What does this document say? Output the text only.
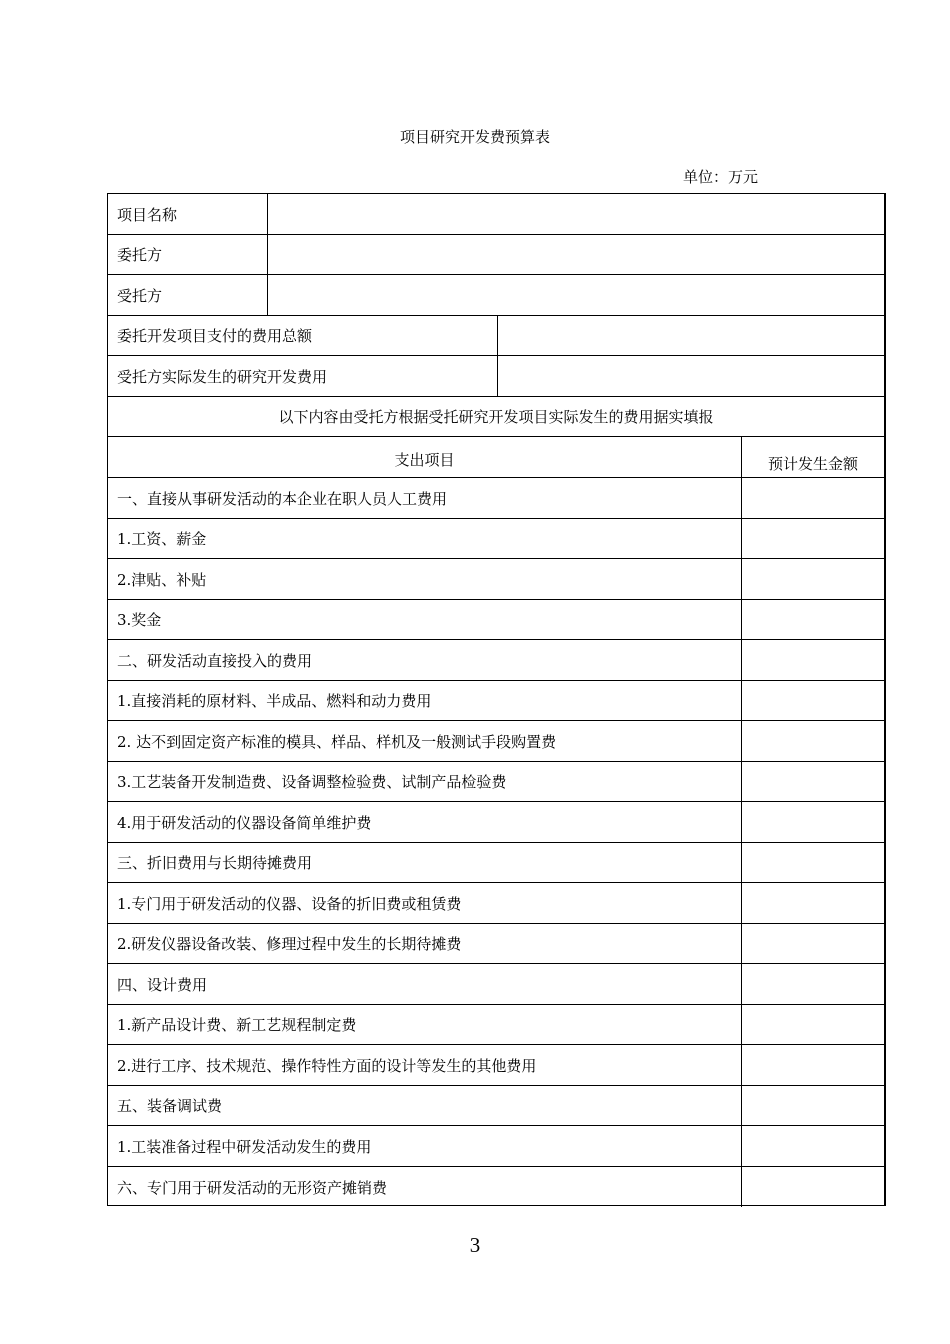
项目研究开发费预算表
单位：万元
项目名称
委托方
受托方
委托开发项目支付的费用总额
受托方实际发生的研究开发费用
以下内容由受托方根据受托研究开发项目实际发生的费用据实填报
支出项目	预计发生金额
一、直接从事研发活动的本企业在职人员人工费用
1.工资、薪金
2.津贴、补贴
3.奖金
二、研发活动直接投入的费用
1.直接消耗的原材料、半成品、燃料和动力费用
2. 达不到固定资产标准的模具、样品、样机及一般测试手段购置费
3.工艺装备开发制造费、设备调整检验费、试制产品检验费
4.用于研发活动的仪器设备简单维护费
三、折旧费用与长期待摊费用
1.专门用于研发活动的仪器、设备的折旧费或租赁费
2.研发仪器设备改装、修理过程中发生的长期待摊费
四、设计费用
1.新产品设计费、新工艺规程制定费
2.进行工序、技术规范、操作特性方面的设计等发生的其他费用
五、装备调试费
1.工装准备过程中研发活动发生的费用
六、专门用于研发活动的无形资产摊销费
3
